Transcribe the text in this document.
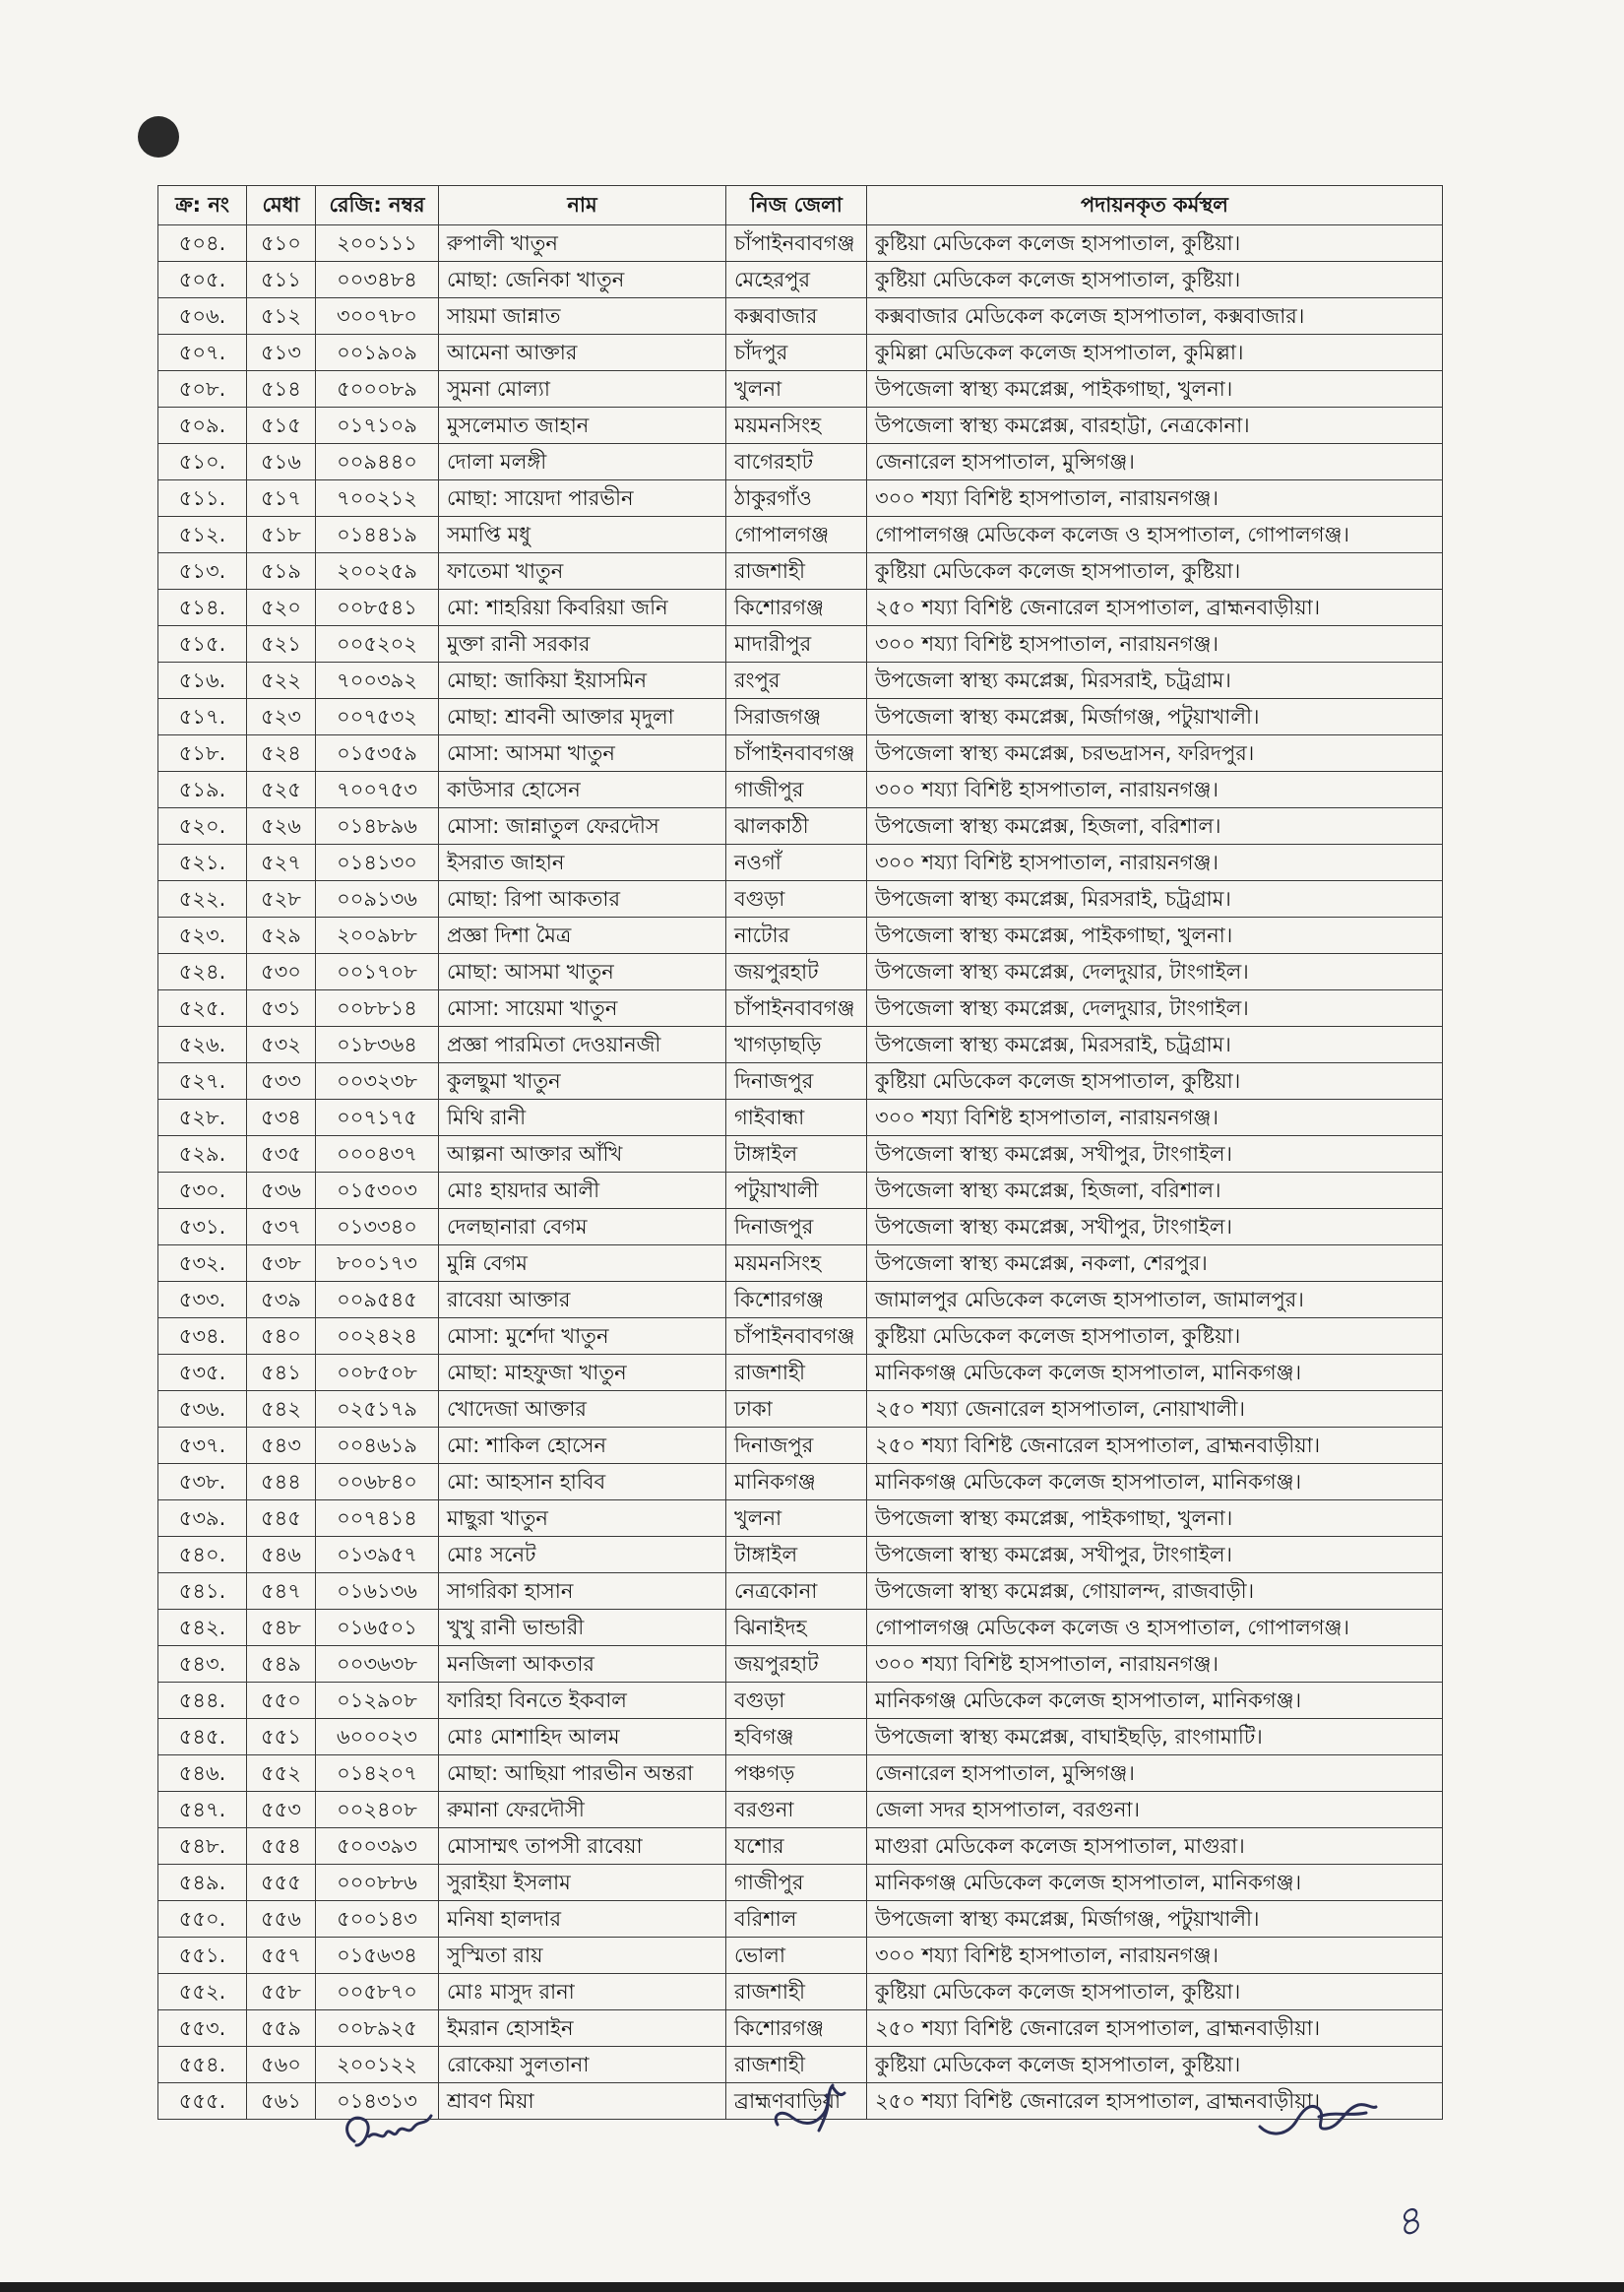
ক্র: নং	মেধা	রেজি: নম্বর	নাম	নিজ জেলা	পদায়নকৃত কর্মস্থল
৫০৪.	৫১০	২০০১১১	রুপালী খাতুন	চাঁপাইনবাবগঞ্জ	কুষ্টিয়া মেডিকেল কলেজ হাসপাতাল, কুষ্টিয়া।
৫০৫.	৫১১	০০৩৪৮৪	মোছা: জেনিকা খাতুন	মেহেরপুর	কুষ্টিয়া মেডিকেল কলেজ হাসপাতাল, কুষ্টিয়া।
৫০৬.	৫১২	৩০০৭৮০	সায়মা জান্নাত	কক্সবাজার	কক্সবাজার মেডিকেল কলেজ হাসপাতাল, কক্সবাজার।
৫০৭.	৫১৩	০০১৯০৯	আমেনা আক্তার	চাঁদপুর	কুমিল্লা মেডিকেল কলেজ হাসপাতাল, কুমিল্লা।
৫০৮.	৫১৪	৫০০০৮৯	সুমনা মোল্যা	খুলনা	উপজেলা স্বাস্থ্য কমপ্লেক্স, পাইকগাছা, খুলনা।
৫০৯.	৫১৫	০১৭১০৯	মুসলেমাত জাহান	ময়মনসিংহ	উপজেলা স্বাস্থ্য কমপ্লেক্স, বারহাট্টা, নেত্রকোনা।
৫১০.	৫১৬	০০৯৪৪০	দোলা মলঙ্গী	বাগেরহাট	জেনারেল হাসপাতাল, মুন্সিগঞ্জ।
৫১১.	৫১৭	৭০০২১২	মোছা: সায়েদা পারভীন	ঠাকুরগাঁও	৩০০ শয্যা বিশিষ্ট হাসপাতাল, নারায়নগঞ্জ।
৫১২.	৫১৮	০১৪৪১৯	সমাপ্তি মধু	গোপালগঞ্জ	গোপালগঞ্জ মেডিকেল কলেজ ও হাসপাতাল, গোপালগঞ্জ।
৫১৩.	৫১৯	২০০২৫৯	ফাতেমা খাতুন	রাজশাহী	কুষ্টিয়া মেডিকেল কলেজ হাসপাতাল, কুষ্টিয়া।
৫১৪.	৫২০	০০৮৫৪১	মো: শাহরিয়া কিবরিয়া জনি	কিশোরগঞ্জ	২৫০ শয্যা বিশিষ্ট জেনারেল হাসপাতাল, ব্রাহ্মনবাড়ীয়া।
৫১৫.	৫২১	০০৫২০২	মুক্তা রানী সরকার	মাদারীপুর	৩০০ শয্যা বিশিষ্ট হাসপাতাল, নারায়নগঞ্জ।
৫১৬.	৫২২	৭০০৩৯২	মোছা: জাকিয়া ইয়াসমিন	রংপুর	উপজেলা স্বাস্থ্য কমপ্লেক্স, মিরসরাই, চট্রগ্রাম।
৫১৭.	৫২৩	০০৭৫৩২	মোছা: শ্রাবনী আক্তার মৃদুলা	সিরাজগঞ্জ	উপজেলা স্বাস্থ্য কমপ্লেক্স, মির্জাগঞ্জ, পটুয়াখালী।
৫১৮.	৫২৪	০১৫৩৫৯	মোসা: আসমা খাতুন	চাঁপাইনবাবগঞ্জ	উপজেলা স্বাস্থ্য কমপ্লেক্স, চরভদ্রাসন, ফরিদপুর।
৫১৯.	৫২৫	৭০০৭৫৩	কাউসার হোসেন	গাজীপুর	৩০০ শয্যা বিশিষ্ট হাসপাতাল, নারায়নগঞ্জ।
৫২০.	৫২৬	০১৪৮৯৬	মোসা: জান্নাতুল ফেরদৌস	ঝালকাঠী	উপজেলা স্বাস্থ্য কমপ্লেক্স, হিজলা, বরিশাল।
৫২১.	৫২৭	০১৪১৩০	ইসরাত জাহান	নওগাঁ	৩০০ শয্যা বিশিষ্ট হাসপাতাল, নারায়নগঞ্জ।
৫২২.	৫২৮	০০৯১৩৬	মোছা: রিপা আকতার	বগুড়া	উপজেলা স্বাস্থ্য কমপ্লেক্স, মিরসরাই, চট্রগ্রাম।
৫২৩.	৫২৯	২০০৯৮৮	প্রজ্ঞা দিশা মৈত্র	নাটোর	উপজেলা স্বাস্থ্য কমপ্লেক্স, পাইকগাছা, খুলনা।
৫২৪.	৫৩০	০০১৭০৮	মোছা: আসমা খাতুন	জয়পুরহাট	উপজেলা স্বাস্থ্য কমপ্লেক্স, দেলদুয়ার, টাংগাইল।
৫২৫.	৫৩১	০০৮৮১৪	মোসা: সায়েমা খাতুন	চাঁপাইনবাবগঞ্জ	উপজেলা স্বাস্থ্য কমপ্লেক্স, দেলদুয়ার, টাংগাইল।
৫২৬.	৫৩২	০১৮৩৬৪	প্রজ্ঞা পারমিতা দেওয়ানজী	খাগড়াছড়ি	উপজেলা স্বাস্থ্য কমপ্লেক্স, মিরসরাই, চট্রগ্রাম।
৫২৭.	৫৩৩	০০৩২৩৮	কুলছুমা খাতুন	দিনাজপুর	কুষ্টিয়া মেডিকেল কলেজ হাসপাতাল, কুষ্টিয়া।
৫২৮.	৫৩৪	০০৭১৭৫	মিথি রানী	গাইবান্ধা	৩০০ শয্যা বিশিষ্ট হাসপাতাল, নারায়নগঞ্জ।
৫২৯.	৫৩৫	০০০৪৩৭	আল্পনা আক্তার আঁখি	টাঙ্গাইল	উপজেলা স্বাস্থ্য কমপ্লেক্স, সখীপুর, টাংগাইল।
৫৩০.	৫৩৬	০১৫৩০৩	মোঃ হায়দার আলী	পটুয়াখালী	উপজেলা স্বাস্থ্য কমপ্লেক্স, হিজলা, বরিশাল।
৫৩১.	৫৩৭	০১৩৩৪০	দেলছানারা বেগম	দিনাজপুর	উপজেলা স্বাস্থ্য কমপ্লেক্স, সখীপুর, টাংগাইল।
৫৩২.	৫৩৮	৮০০১৭৩	মুন্নি বেগম	ময়মনসিংহ	উপজেলা স্বাস্থ্য কমপ্লেক্স, নকলা, শেরপুর।
৫৩৩.	৫৩৯	০০৯৫৪৫	রাবেয়া আক্তার	কিশোরগঞ্জ	জামালপুর মেডিকেল কলেজ হাসপাতাল, জামালপুর।
৫৩৪.	৫৪০	০০২৪২৪	মোসা: মুর্শেদা খাতুন	চাঁপাইনবাবগঞ্জ	কুষ্টিয়া মেডিকেল কলেজ হাসপাতাল, কুষ্টিয়া।
৫৩৫.	৫৪১	০০৮৫০৮	মোছা: মাহফুজা খাতুন	রাজশাহী	মানিকগঞ্জ মেডিকেল কলেজ হাসপাতাল, মানিকগঞ্জ।
৫৩৬.	৫৪২	০২৫১৭৯	খোদেজা আক্তার	ঢাকা	২৫০ শয্যা জেনারেল হাসপাতাল, নোয়াখালী।
৫৩৭.	৫৪৩	০০৪৬১৯	মো: শাকিল হোসেন	দিনাজপুর	২৫০ শয্যা বিশিষ্ট জেনারেল হাসপাতাল, ব্রাহ্মনবাড়ীয়া।
৫৩৮.	৫৪৪	০০৬৮৪০	মো: আহসান হাবিব	মানিকগঞ্জ	মানিকগঞ্জ মেডিকেল কলেজ হাসপাতাল, মানিকগঞ্জ।
৫৩৯.	৫৪৫	০০৭৪১৪	মাছুরা খাতুন	খুলনা	উপজেলা স্বাস্থ্য কমপ্লেক্স, পাইকগাছা, খুলনা।
৫৪০.	৫৪৬	০১৩৯৫৭	মোঃ সনেট	টাঙ্গাইল	উপজেলা স্বাস্থ্য কমপ্লেক্স, সখীপুর, টাংগাইল।
৫৪১.	৫৪৭	০১৬১৩৬	সাগরিকা হাসান	নেত্রকোনা	উপজেলা স্বাস্থ্য কমেপ্লক্স, গোয়ালন্দ, রাজবাড়ী।
৫৪২.	৫৪৮	০১৬৫০১	খুখু রানী ভান্ডারী	ঝিনাইদহ	গোপালগঞ্জ মেডিকেল কলেজ ও হাসপাতাল, গোপালগঞ্জ।
৫৪৩.	৫৪৯	০০৩৬৩৮	মনজিলা আকতার	জয়পুরহাট	৩০০ শয্যা বিশিষ্ট হাসপাতাল, নারায়নগঞ্জ।
৫৪৪.	৫৫০	০১২৯০৮	ফারিহা বিনতে ইকবাল	বগুড়া	মানিকগঞ্জ মেডিকেল কলেজ হাসপাতাল, মানিকগঞ্জ।
৫৪৫.	৫৫১	৬০০০২৩	মোঃ মোশাহিদ আলম	হবিগঞ্জ	উপজেলা স্বাস্থ্য কমপ্লেক্স, বাঘাইছড়ি, রাংগামাটি।
৫৪৬.	৫৫২	০১৪২০৭	মোছা: আছিয়া পারভীন অন্তরা	পঞ্চগড়	জেনারেল হাসপাতাল, মুন্সিগঞ্জ।
৫৪৭.	৫৫৩	০০২৪০৮	রুমানা ফেরদৌসী	বরগুনা	জেলা সদর হাসপাতাল, বরগুনা।
৫৪৮.	৫৫৪	৫০০৩৯৩	মোসাম্মৎ তাপসী রাবেয়া	যশোর	মাগুরা মেডিকেল কলেজ হাসপাতাল, মাগুরা।
৫৪৯.	৫৫৫	০০০৮৮৬	সুরাইয়া ইসলাম	গাজীপুর	মানিকগঞ্জ মেডিকেল কলেজ হাসপাতাল, মানিকগঞ্জ।
৫৫০.	৫৫৬	৫০০১৪৩	মনিষা হালদার	বরিশাল	উপজেলা স্বাস্থ্য কমপ্লেক্স, মির্জাগঞ্জ, পটুয়াখালী।
৫৫১.	৫৫৭	০১৫৬৩৪	সুস্মিতা রায়	ভোলা	৩০০ শয্যা বিশিষ্ট হাসপাতাল, নারায়নগঞ্জ।
৫৫২.	৫৫৮	০০৫৮৭০	মোঃ মাসুদ রানা	রাজশাহী	কুষ্টিয়া মেডিকেল কলেজ হাসপাতাল, কুষ্টিয়া।
৫৫৩.	৫৫৯	০০৮৯২৫	ইমরান হোসাইন	কিশোরগঞ্জ	২৫০ শয্যা বিশিষ্ট জেনারেল হাসপাতাল, ব্রাহ্মনবাড়ীয়া।
৫৫৪.	৫৬০	২০০১২২	রোকেয়া সুলতানা	রাজশাহী	কুষ্টিয়া মেডিকেল কলেজ হাসপাতাল, কুষ্টিয়া।
৫৫৫.	৫৬১	০১৪৩১৩	শ্রাবণ মিয়া	ব্রাহ্মণবাড়িয়া	২৫০ শয্যা বিশিষ্ট জেনারেল হাসপাতাল, ব্রাহ্মনবাড়ীয়া।
৪
